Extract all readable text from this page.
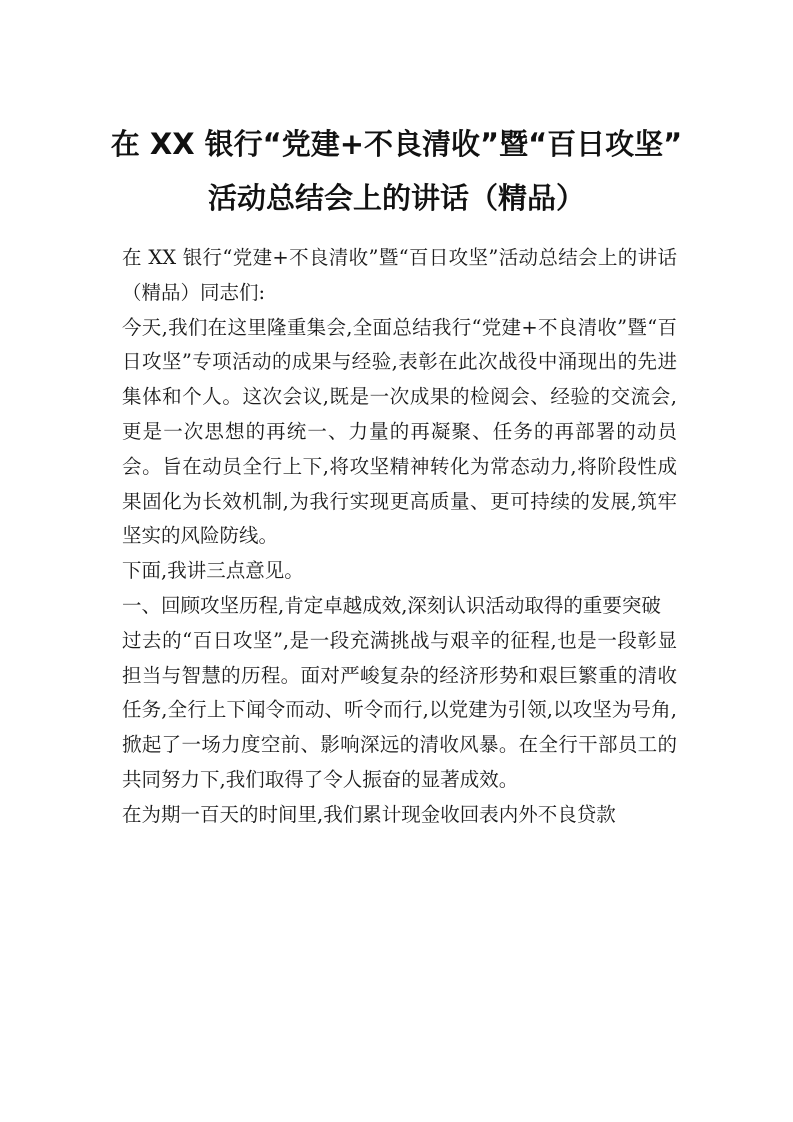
在 XX 银行“党建+不良清收”暨“百日攻坚”
活动总结会上的讲话（精品）

在 XX 银行“党建+不良清收”暨“百日攻坚”活动总结会上的讲话（精品）同志们:

今天,我们在这里隆重集会,全面总结我行“党建+不良清收”暨“百日攻坚”专项活动的成果与经验,表彰在此次战役中涌现出的先进集体和个人。这次会议,既是一次成果的检阅会、经验的交流会,更是一次思想的再统一、力量的再凝聚、任务的再部署的动员会。旨在动员全行上下,将攻坚精神转化为常态动力,将阶段性成果固化为长效机制,为我行实现更高质量、更可持续的发展,筑牢坚实的风险防线。

下面,我讲三点意见。

一、回顾攻坚历程,肯定卓越成效,深刻认识活动取得的重要突破

过去的“百日攻坚”,是一段充满挑战与艰辛的征程,也是一段彰显担当与智慧的历程。面对严峻复杂的经济形势和艰巨繁重的清收任务,全行上下闻令而动、听令而行,以党建为引领,以攻坚为号角,掀起了一场力度空前、影响深远的清收风暴。在全行干部员工的共同努力下,我们取得了令人振奋的显著成效。

在为期一百天的时间里,我们累计现金收回表内外不良贷款
